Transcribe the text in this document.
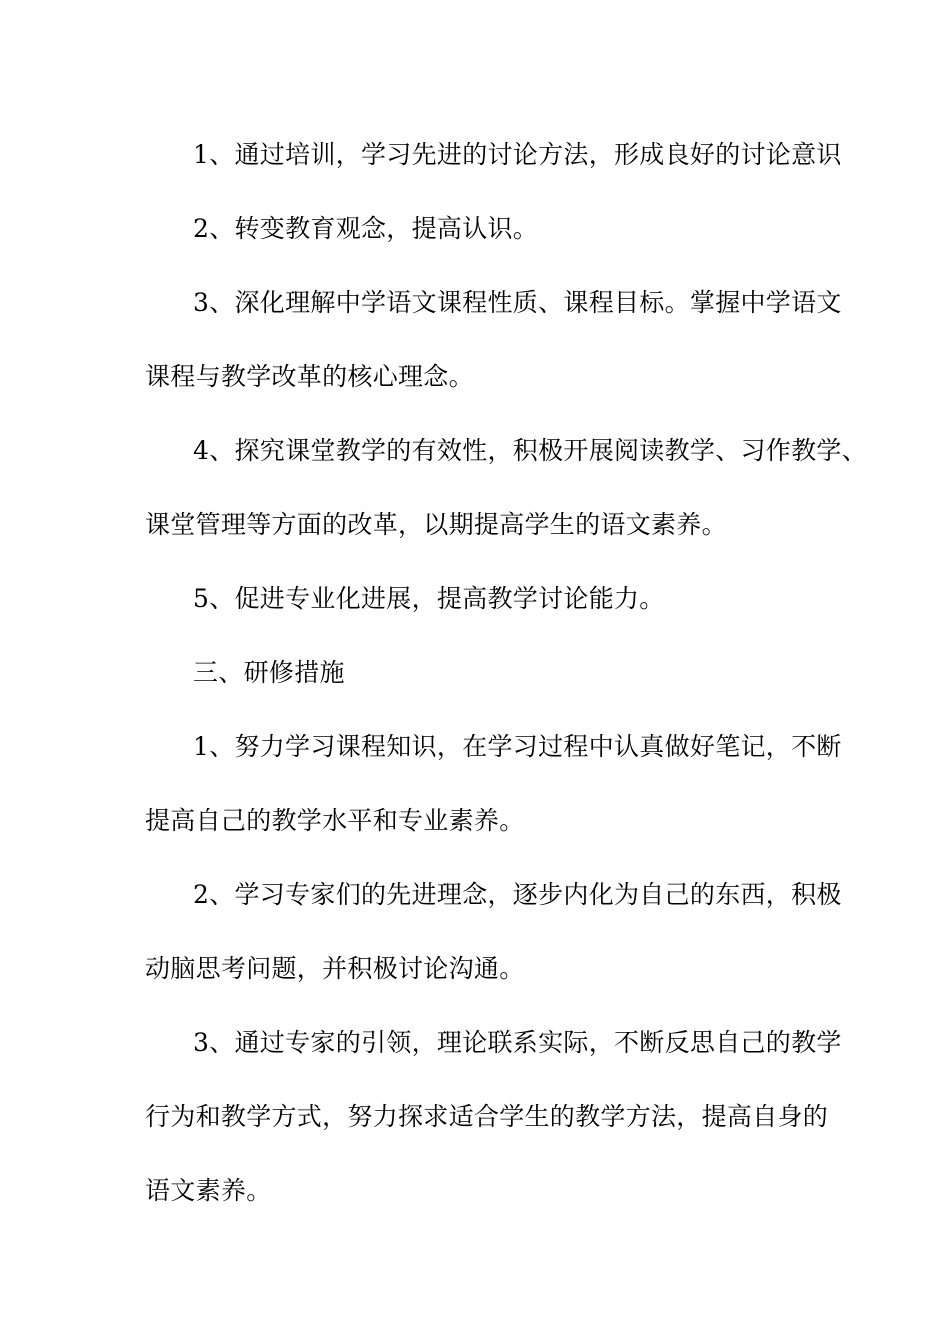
1、通过培训，学习先进的讨论方法，形成良好的讨论意识
2、转变教育观念，提高认识。
3、深化理解中学语文课程性质、课程目标。掌握中学语文
课程与教学改革的核心理念。
4、探究课堂教学的有效性，积极开展阅读教学、习作教学、
课堂管理等方面的改革，以期提高学生的语文素养。
5、促进专业化进展，提高教学讨论能力。
三、研修措施
1、努力学习课程知识，在学习过程中认真做好笔记，不断
提高自己的教学水平和专业素养。
2、学习专家们的先进理念，逐步内化为自己的东西，积极
动脑思考问题，并积极讨论沟通。
3、通过专家的引领，理论联系实际，不断反思自己的教学
行为和教学方式，努力探求适合学生的教学方法，提高自身的
语文素养。
